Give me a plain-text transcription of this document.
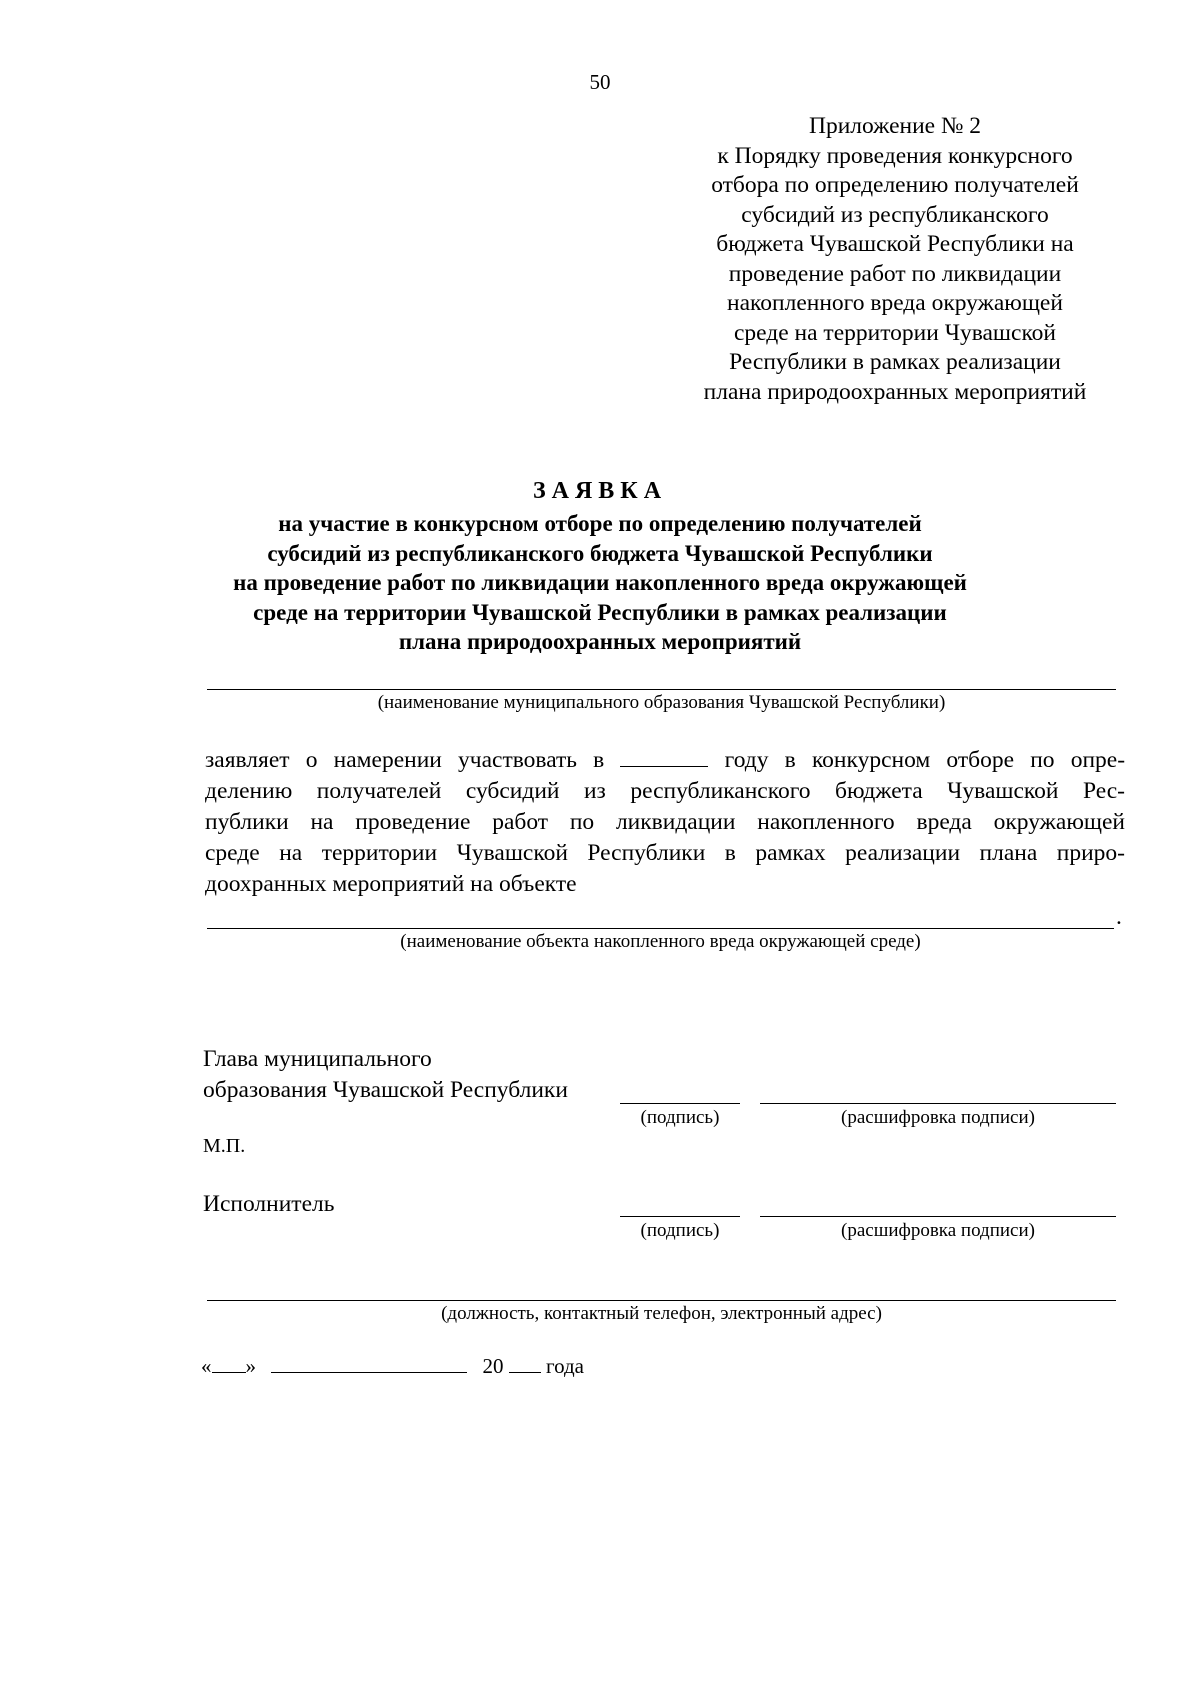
50
Приложение № 2
к Порядку проведения конкурсного
отбора по определению получателей
субсидий из республиканского
бюджета Чувашской Республики на
проведение работ по ликвидации
накопленного вреда окружающей
среде на территории Чувашской
Республики в рамках реализации
плана природоохранных мероприятий
ЗАЯВКА
на участие в конкурсном отборе по определению получателей
субсидий из республиканского бюджета Чувашской Республики
на проведение работ по ликвидации накопленного вреда окружающей
среде на территории Чувашской Республики в рамках реализации
плана природоохранных мероприятий
(наименование муниципального образования Чувашской Республики)
заявляет о намерении участвовать в	году в конкурсном отборе по опре-
делению получателей субсидий из республиканского бюджета Чувашской Рес-
публики на проведение работ по ликвидации накопленного вреда окружающей
среде на территории Чувашской Республики в рамках реализации плана приро-
доохранных мероприятий на объекте
.
(наименование объекта накопленного вреда окружающей среде)
Глава муниципального
образования Чувашской Республики
(подпись)	(расшифровка подписи)
М.П.
Исполнитель
(подпись)	(расшифровка подписи)
(должность, контактный телефон, электронный адрес)
« »	20 года
